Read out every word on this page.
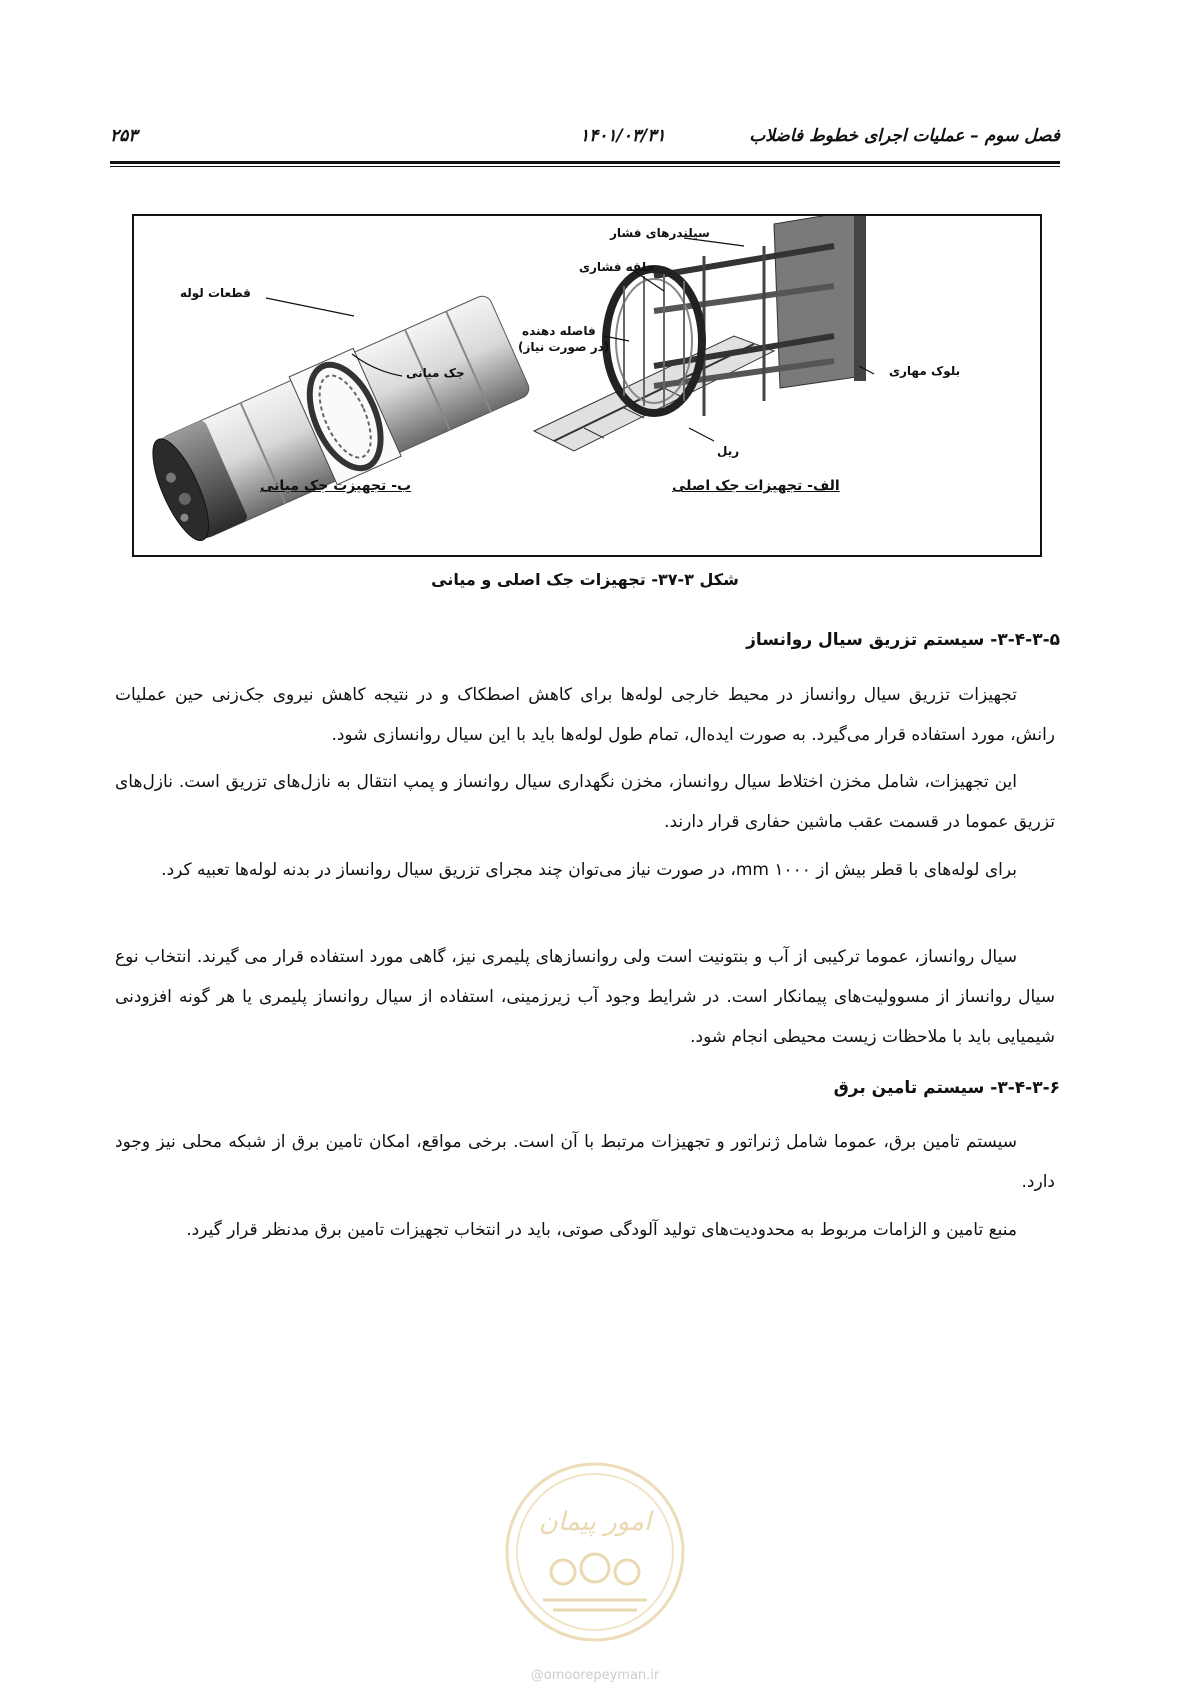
فصل سوم – عملیات اجرای خطوط فاضلاب
۱۴۰۱/۰۳/۳۱
۲۵۳
قطعات لوله
جک میانی
سیلندرهای فشار
حلقه فشاری
فاصله دهنده
(در صورت نیاز)
بلوک مهاری
ریل
الف- تجهیزات جک اصلی
ب- تجهیزت جک میانی
شکل ۳-۳۷- تجهیزات جک اصلی و میانی
۳-۴-۳-۵- سیستم تزریق سیال روانساز
تجهیزات تزریق سیال روانساز در محیط خارجی لوله‌ها برای کاهش اصطکاک و در نتیجه کاهش نیروی جک‌زنی حین عملیات رانش، مورد استفاده قرار می‌گیرد. به صورت ایده‌ال، تمام طول لوله‌ها باید با این سیال روانسازی شود.
این تجهیزات، شامل مخزن اختلاط سیال روانساز، مخزن نگهداری سیال روانساز و پمپ انتقال به نازل‌های تزریق است. نازل‌های تزریق عموما در قسمت عقب ماشین حفاری قرار دارند.
برای لوله‌های با قطر بیش از ۱۰۰۰ mm، در صورت نیاز می‌توان چند مجرای تزریق سیال روانساز در بدنه لوله‌ها تعبیه کرد.
سیال روانساز، عموما ترکیبی از آب و بنتونیت است ولی روانسازهای پلیمری نیز، گاهی مورد استفاده قرار می گیرند. انتخاب نوع سیال روانساز از مسوولیت‌های پیمانکار است. در شرایط وجود آب زیرزمینی، استفاده از سیال روانساز پلیمری یا هر گونه افزودنی شیمیایی باید با ملاحظات زیست محیطی انجام شود.
۳-۴-۳-۶- سیستم تامین برق
سیستم تامین برق، عموما شامل ژنراتور و تجهیزات مرتبط با آن است. برخی مواقع، امکان تامین برق از شبکه محلی نیز وجود دارد.
منبع تامین و الزامات مربوط به محدودیت‌های تولید آلودگی صوتی، باید در انتخاب تجهیزات تامین برق مدنظر قرار گیرد.
امور پیمان
@omoorepeyman.ir
